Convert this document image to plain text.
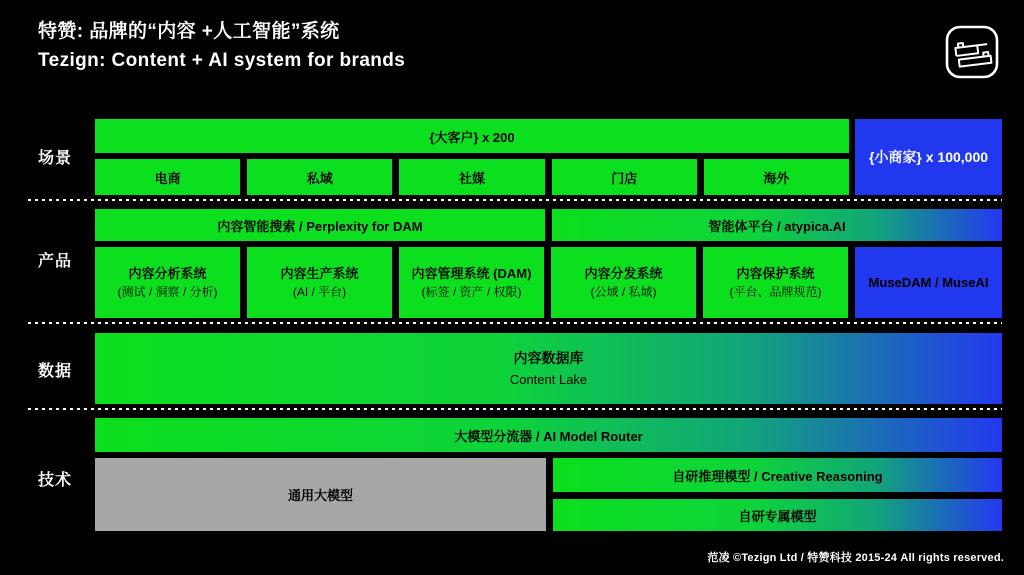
特赞: 品牌的“内容 +人工智能”系统
Tezign: Content + AI system for brands
场景
产品
数据
技术
{大客户} x 200
电商	私域	社媒	门店	海外
{小商家} x 100,000
内容智能搜索 / Perplexity for DAM	智能体平台 / atypica.AI
内容分析系统
(测试 / 洞察 / 分析)
内容生产系统
(AI / 平台)
内容管理系统 (DAM)
(标签 / 资产 / 权限)
内容分发系统
(公域 / 私域)
内容保护系统
(平台、品牌规范)
MuseDAM / MuseAI
内容数据库
Content Lake
大模型分流器 / AI Model Router
通用大模型
自研推理模型 / Creative Reasoning
自研专属模型
范凌 ©Tezign Ltd / 特赞科技 2015-24 All rights reserved.
